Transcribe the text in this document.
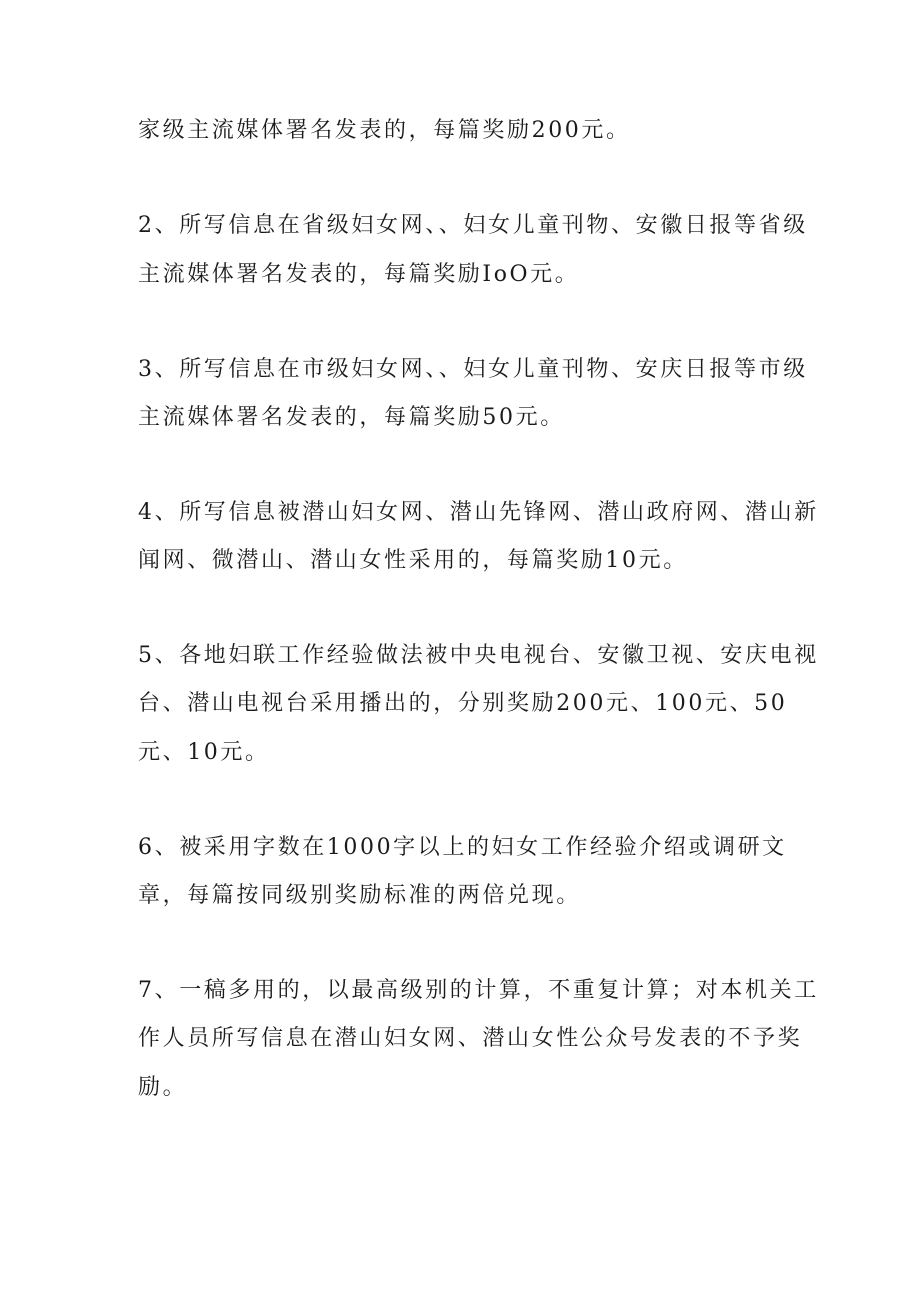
家级主流媒体署名发表的，每篇奖励200元。

2、所写信息在省级妇女网、、妇女儿童刊物、安徽日报等省级

主流媒体署名发表的，每篇奖励IoO元。

3、所写信息在市级妇女网、、妇女儿童刊物、安庆日报等市级

主流媒体署名发表的，每篇奖励50元。

4、所写信息被潜山妇女网、潜山先锋网、潜山政府网、潜山新

闻网、微潜山、潜山女性采用的，每篇奖励10元。

5、各地妇联工作经验做法被中央电视台、安徽卫视、安庆电视

台、潜山电视台采用播出的，分别奖励200元、100元、50

元、10元。

6、被采用字数在1000字以上的妇女工作经验介绍或调研文

章，每篇按同级别奖励标准的两倍兑现。

7、一稿多用的，以最高级别的计算，不重复计算；对本机关工

作人员所写信息在潜山妇女网、潜山女性公众号发表的不予奖

励。
